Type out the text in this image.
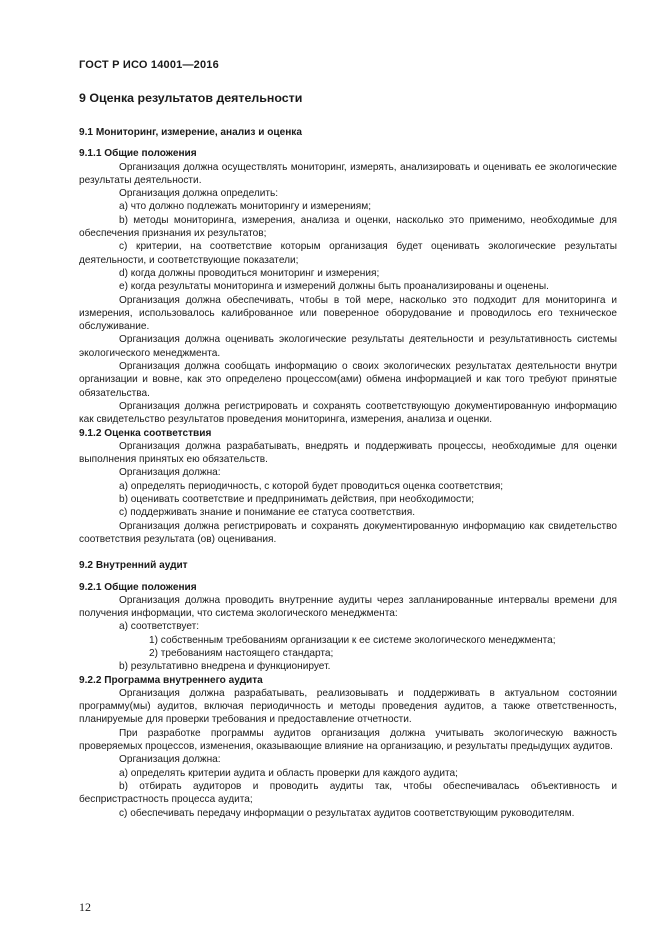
ГОСТ Р ИСО 14001—2016

9 Оценка результатов деятельности

9.1 Мониторинг, измерение, анализ и оценка

9.1.1 Общие положения

Организация должна осуществлять мониторинг, измерять, анализировать и оценивать ее экологические результаты деятельности.

Организация должна определить:

a) что должно подлежать мониторингу и измерениям;

b) методы мониторинга, измерения, анализа и оценки, насколько это применимо, необходимые для обеспечения признания их результатов;

c) критерии, на соответствие которым организация будет оценивать экологические результаты деятельности, и соответствующие показатели;

d) когда должны проводиться мониторинг и измерения;

e) когда результаты мониторинга и измерений должны быть проанализированы и оценены.

Организация должна обеспечивать, чтобы в той мере, насколько это подходит для мониторинга и измерения, использовалось калиброванное или поверенное оборудование и проводилось его техническое обслуживание.

Организация должна оценивать экологические результаты деятельности и результативность системы экологического менеджмента.

Организация должна сообщать информацию о своих экологических результатах деятельности внутри организации и вовне, как это определено процессом(ами) обмена информацией и как того требуют принятые обязательства.

Организация должна регистрировать и сохранять соответствующую документированную информацию как свидетельство результатов проведения мониторинга, измерения, анализа и оценки.

9.1.2 Оценка соответствия

Организация должна разрабатывать, внедрять и поддерживать процессы, необходимые для оценки выполнения принятых ею обязательств.

Организация должна:

a) определять периодичность, с которой будет проводиться оценка соответствия;

b) оценивать соответствие и предпринимать действия, при необходимости;

c) поддерживать знание и понимание ее статуса соответствия.

Организация должна регистрировать и сохранять документированную информацию как свидетельство соответствия результата (ов) оценивания.

9.2 Внутренний аудит

9.2.1 Общие положения

Организация должна проводить внутренние аудиты через запланированные интервалы времени для получения информации, что система экологического менеджмента:

a) соответствует:

1) собственным требованиям организации к ее системе экологического менеджмента;

2) требованиям настоящего стандарта;

b) результативно внедрена и функционирует.

9.2.2 Программа внутреннего аудита

Организация должна разрабатывать, реализовывать и поддерживать в актуальном состоянии программу(мы) аудитов, включая периодичность и методы проведения аудитов, а также ответственность, планируемые для проверки требования и предоставление отчетности.

При разработке программы аудитов организация должна учитывать экологическую важность проверяемых процессов, изменения, оказывающие влияние на организацию, и результаты предыдущих аудитов.

Организация должна:

a) определять критерии аудита и область проверки для каждого аудита;

b) отбирать аудиторов и проводить аудиты так, чтобы обеспечивалась объективность и беспристрастность процесса аудита;

c) обеспечивать передачу информации о результатах аудитов соответствующим руководителям.

12
